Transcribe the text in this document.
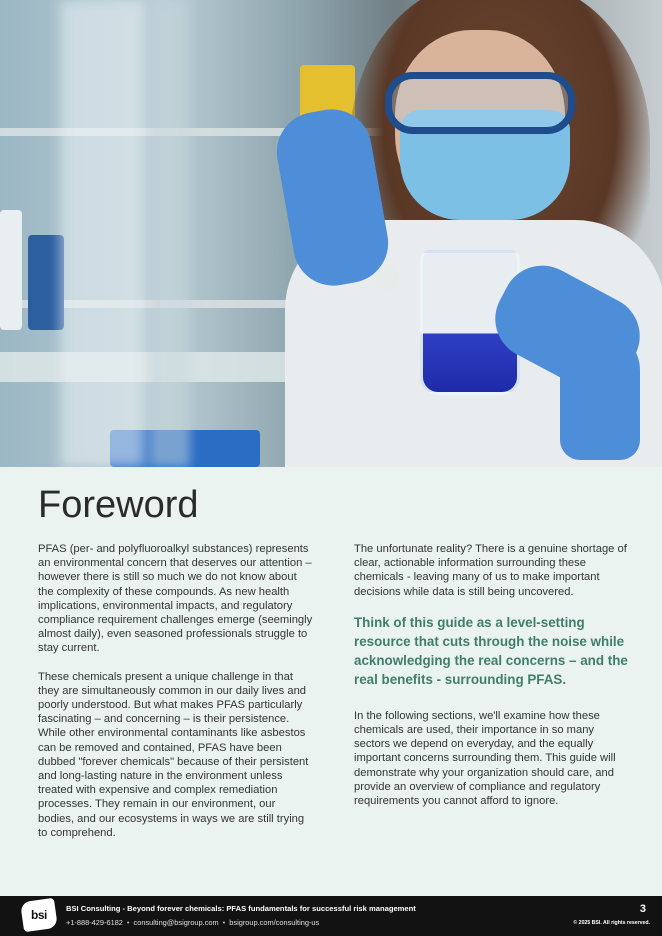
Foreword

PFAS (per- and polyfluoroalkyl substances) represents an environmental concern that deserves our attention – however there is still so much we do not know about the complexity of these compounds. As new health implications, environmental impacts, and regulatory compliance requirement challenges emerge (seemingly almost daily), even seasoned professionals struggle to stay current.

These chemicals present a unique challenge in that they are simultaneously common in our daily lives and poorly understood. But what makes PFAS particularly fascinating – and concerning – is their persistence. While other environmental contaminants like asbestos can be removed and contained, PFAS have been dubbed "forever chemicals" because of their persistent and long-lasting nature in the environment unless treated with expensive and complex remediation processes. They remain in our environment, our bodies, and our ecosystems in ways we are still trying to comprehend.

The unfortunate reality? There is a genuine shortage of clear, actionable information surrounding these chemicals - leaving many of us to make important decisions while data is still being uncovered.

Think of this guide as a level-setting resource that cuts through the noise while acknowledging the real concerns – and the real benefits - surrounding PFAS.

In the following sections, we'll examine how these chemicals are used, their importance in so many sectors we depend on everyday, and the equally important concerns surrounding them. This guide will demonstrate why your organization should care, and provide an overview of compliance and regulatory requirements you cannot afford to ignore.

bsi	BSI Consulting - Beyond forever chemicals: PFAS fundamentals for successful risk management
+1-888-429-6182 • consulting@bsigroup.com • bsigroup.com/consulting-us
3
© 2025 BSI. All rights reserved.
